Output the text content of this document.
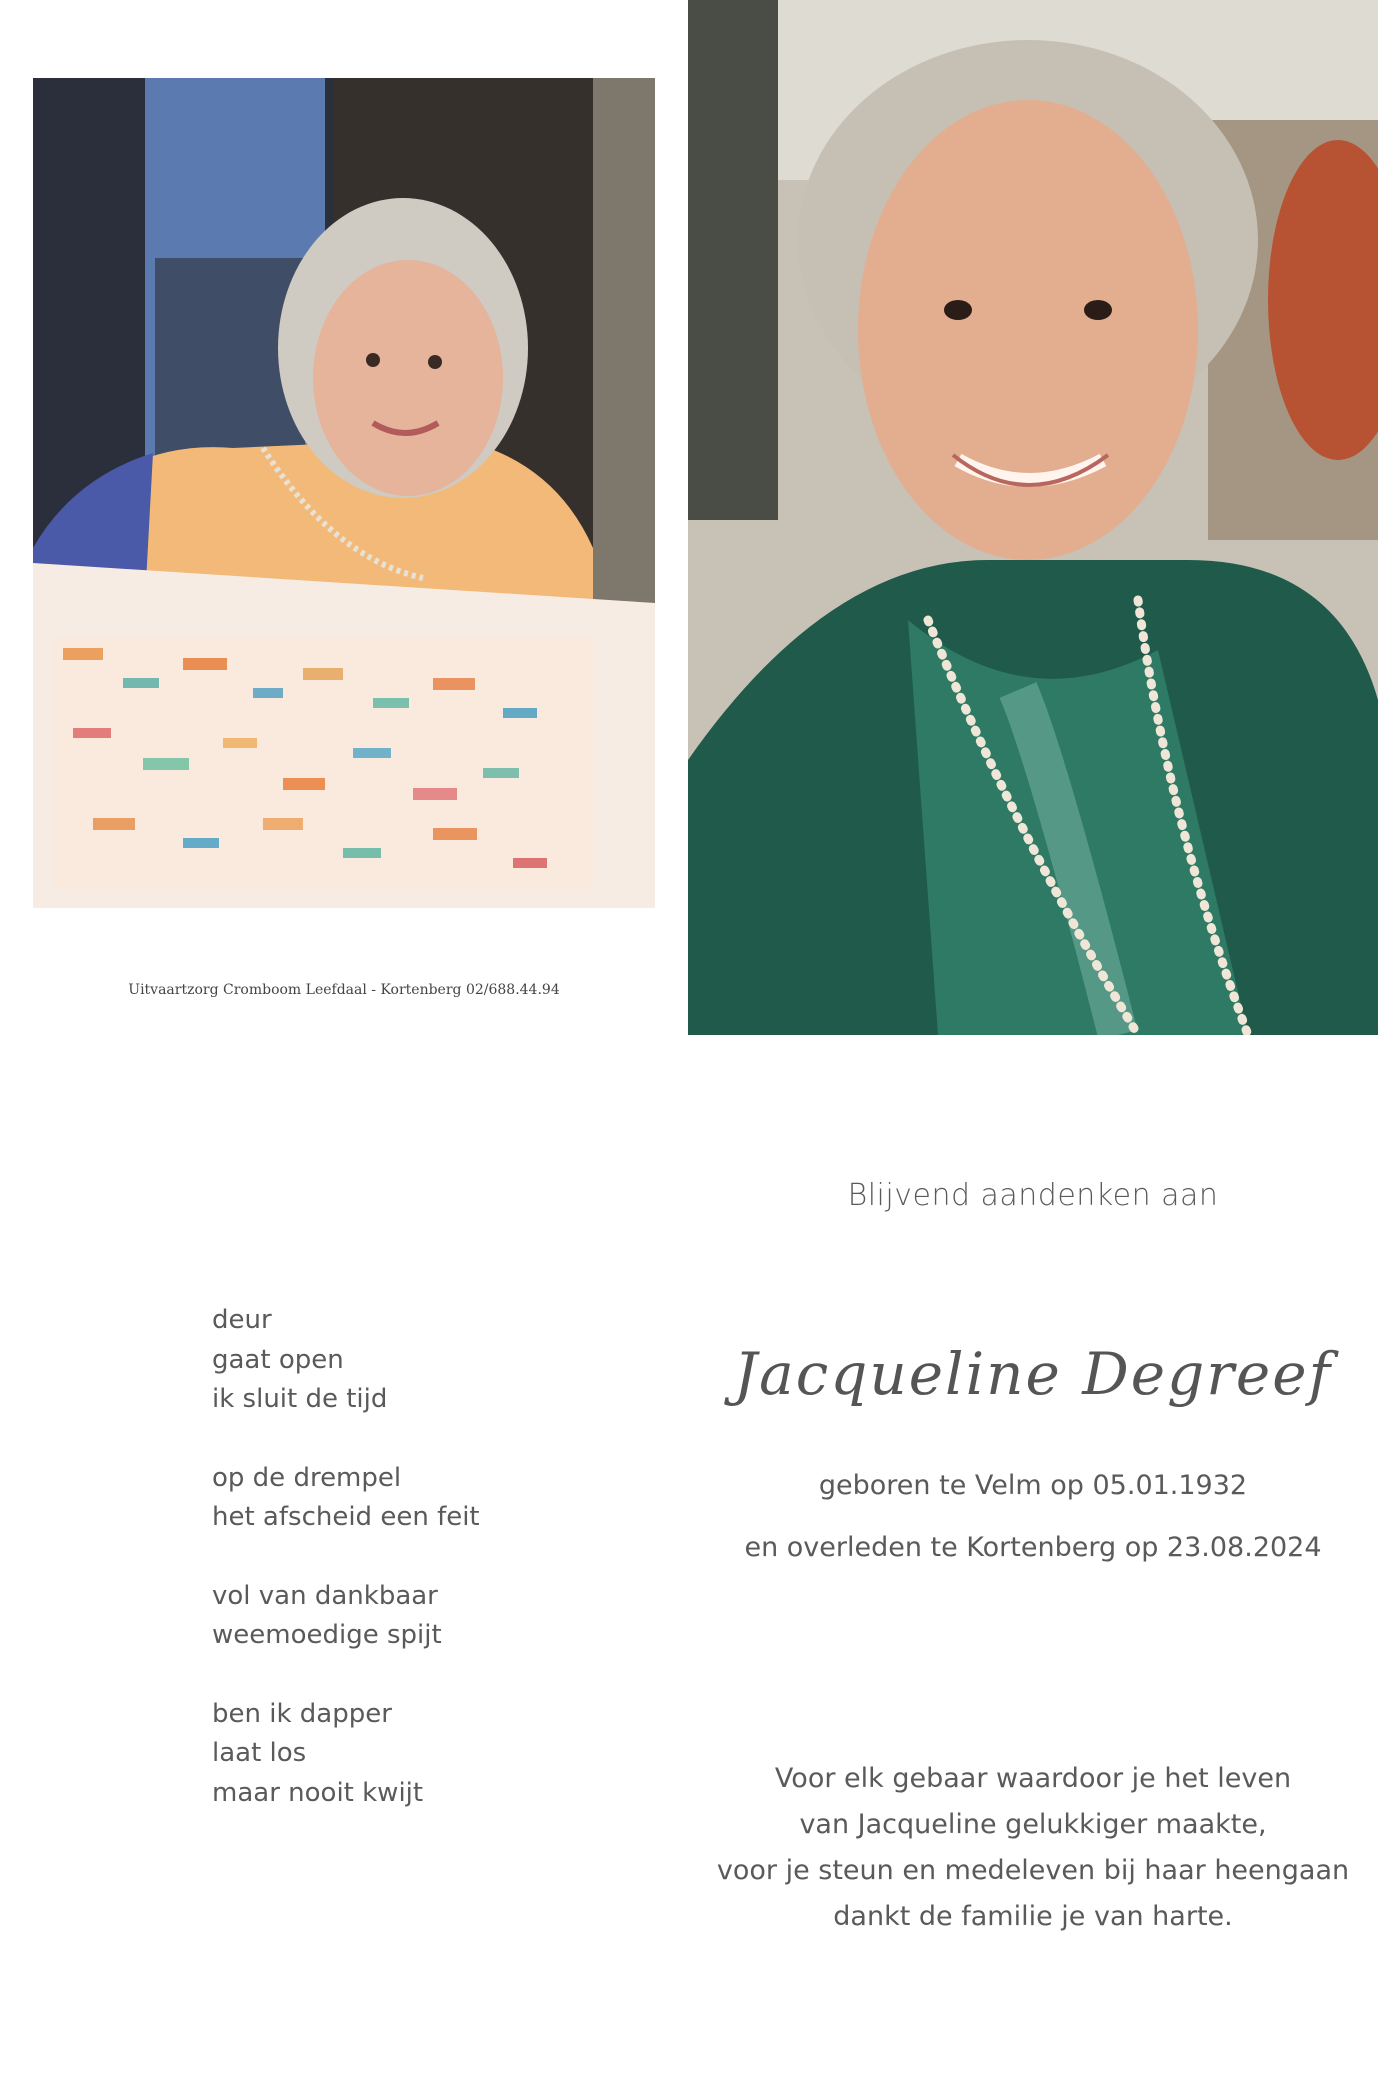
Uitvaartzorg Cromboom Leefdaal - Kortenberg 02/688.44.94
Blijvend aandenken aan
Jacqueline Degreef
geboren te Velm op 05.01.1932
en overleden te Kortenberg op 23.08.2024
deur
gaat open
ik sluit de tijd
op de drempel
het afscheid een feit
vol van dankbaar
weemoedige spijt
ben ik dapper
laat los
maar nooit kwijt	Voor elk gebaar waardoor je het leven
van Jacqueline gelukkiger maakte,
voor je steun en medeleven bij haar heengaan
dankt de familie je van harte.
